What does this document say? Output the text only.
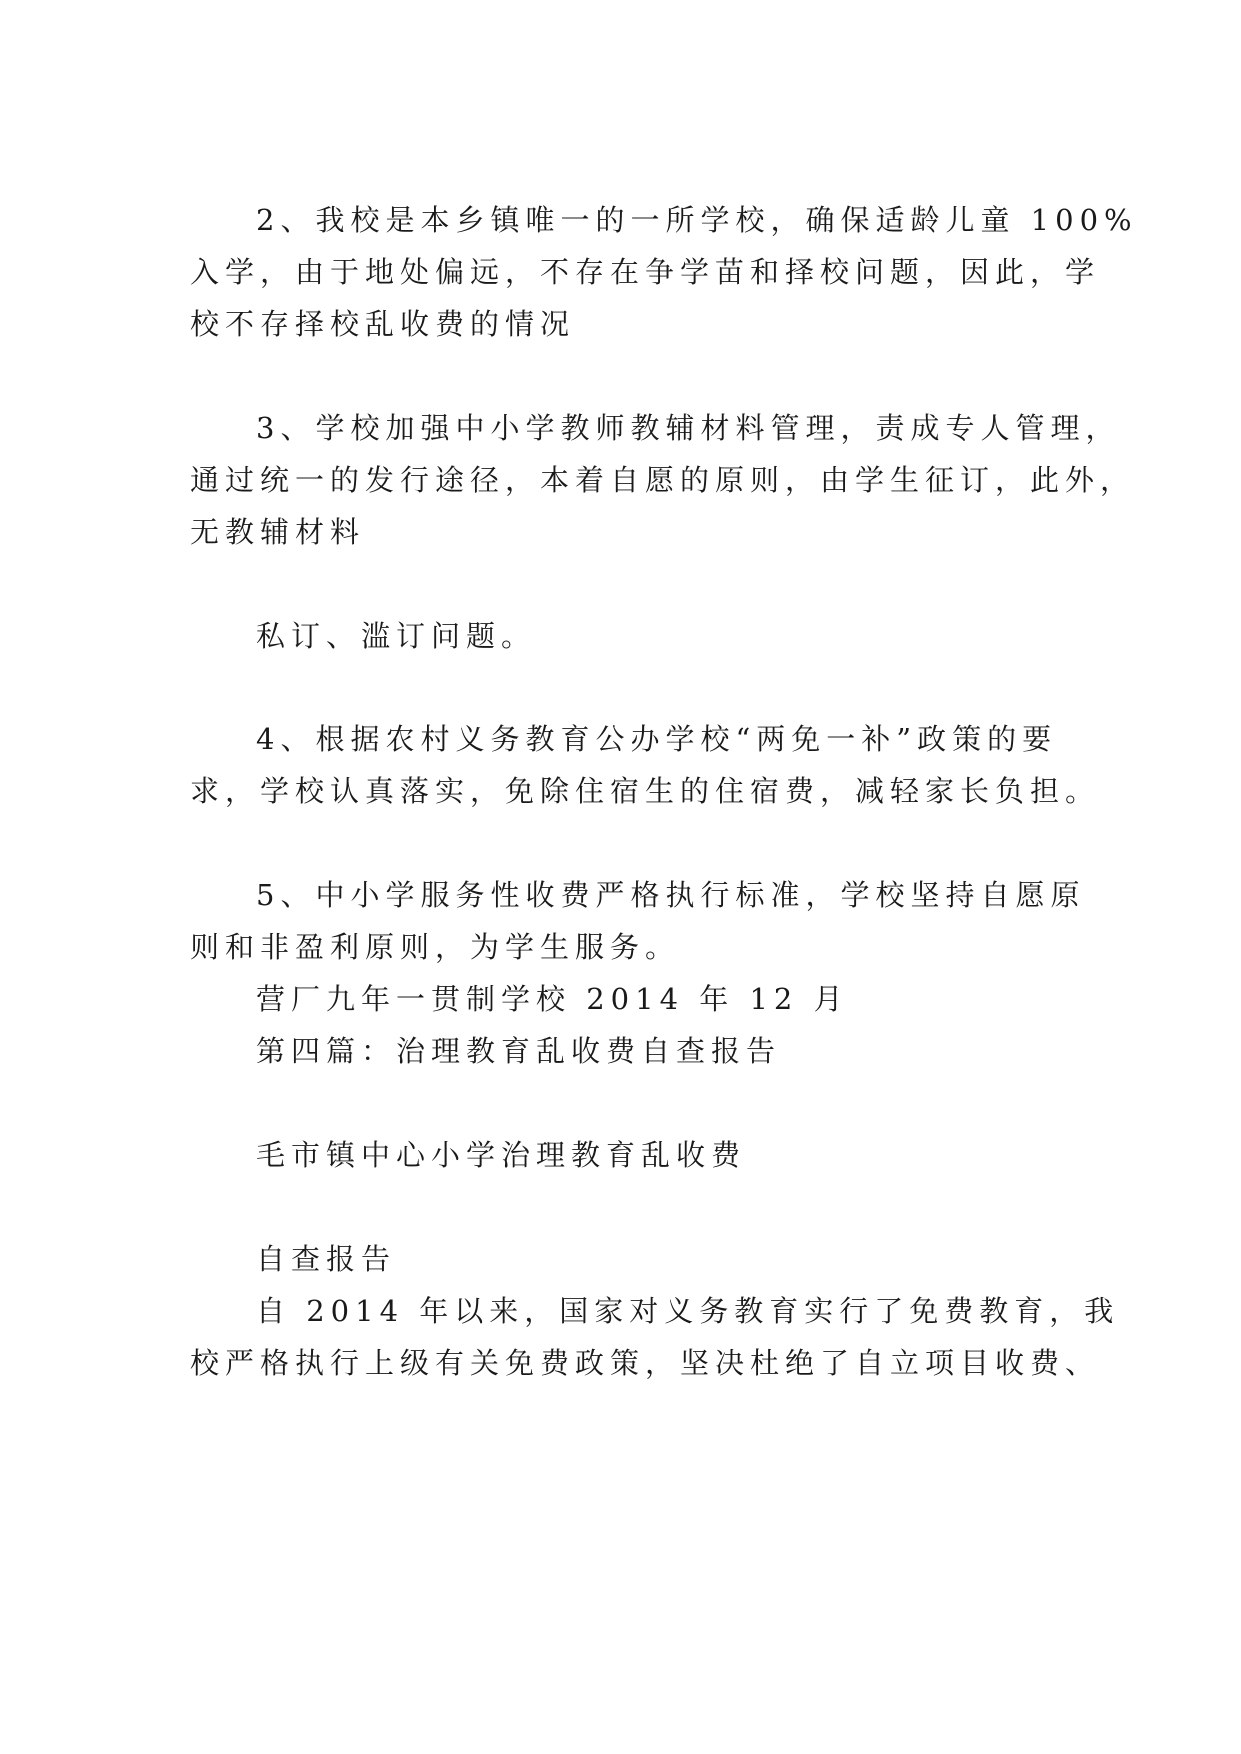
2、我校是本乡镇唯一的一所学校，确保适龄儿童 100%
入学，由于地处偏远，不存在争学苗和择校问题，因此，学
校不存择校乱收费的情况
3、学校加强中小学教师教辅材料管理，责成专人管理，
通过统一的发行途径，本着自愿的原则，由学生征订，此外，
无教辅材料
私订、滥订问题。
4、根据农村义务教育公办学校“两免一补”政策的要
求，学校认真落实，免除住宿生的住宿费，减轻家长负担。
5、中小学服务性收费严格执行标准，学校坚持自愿原
则和非盈利原则，为学生服务。
营厂九年一贯制学校 2014 年 12 月
第四篇：治理教育乱收费自查报告
毛市镇中心小学治理教育乱收费
自查报告
自 2014 年以来，国家对义务教育实行了免费教育，我
校严格执行上级有关免费政策，坚决杜绝了自立项目收费、
